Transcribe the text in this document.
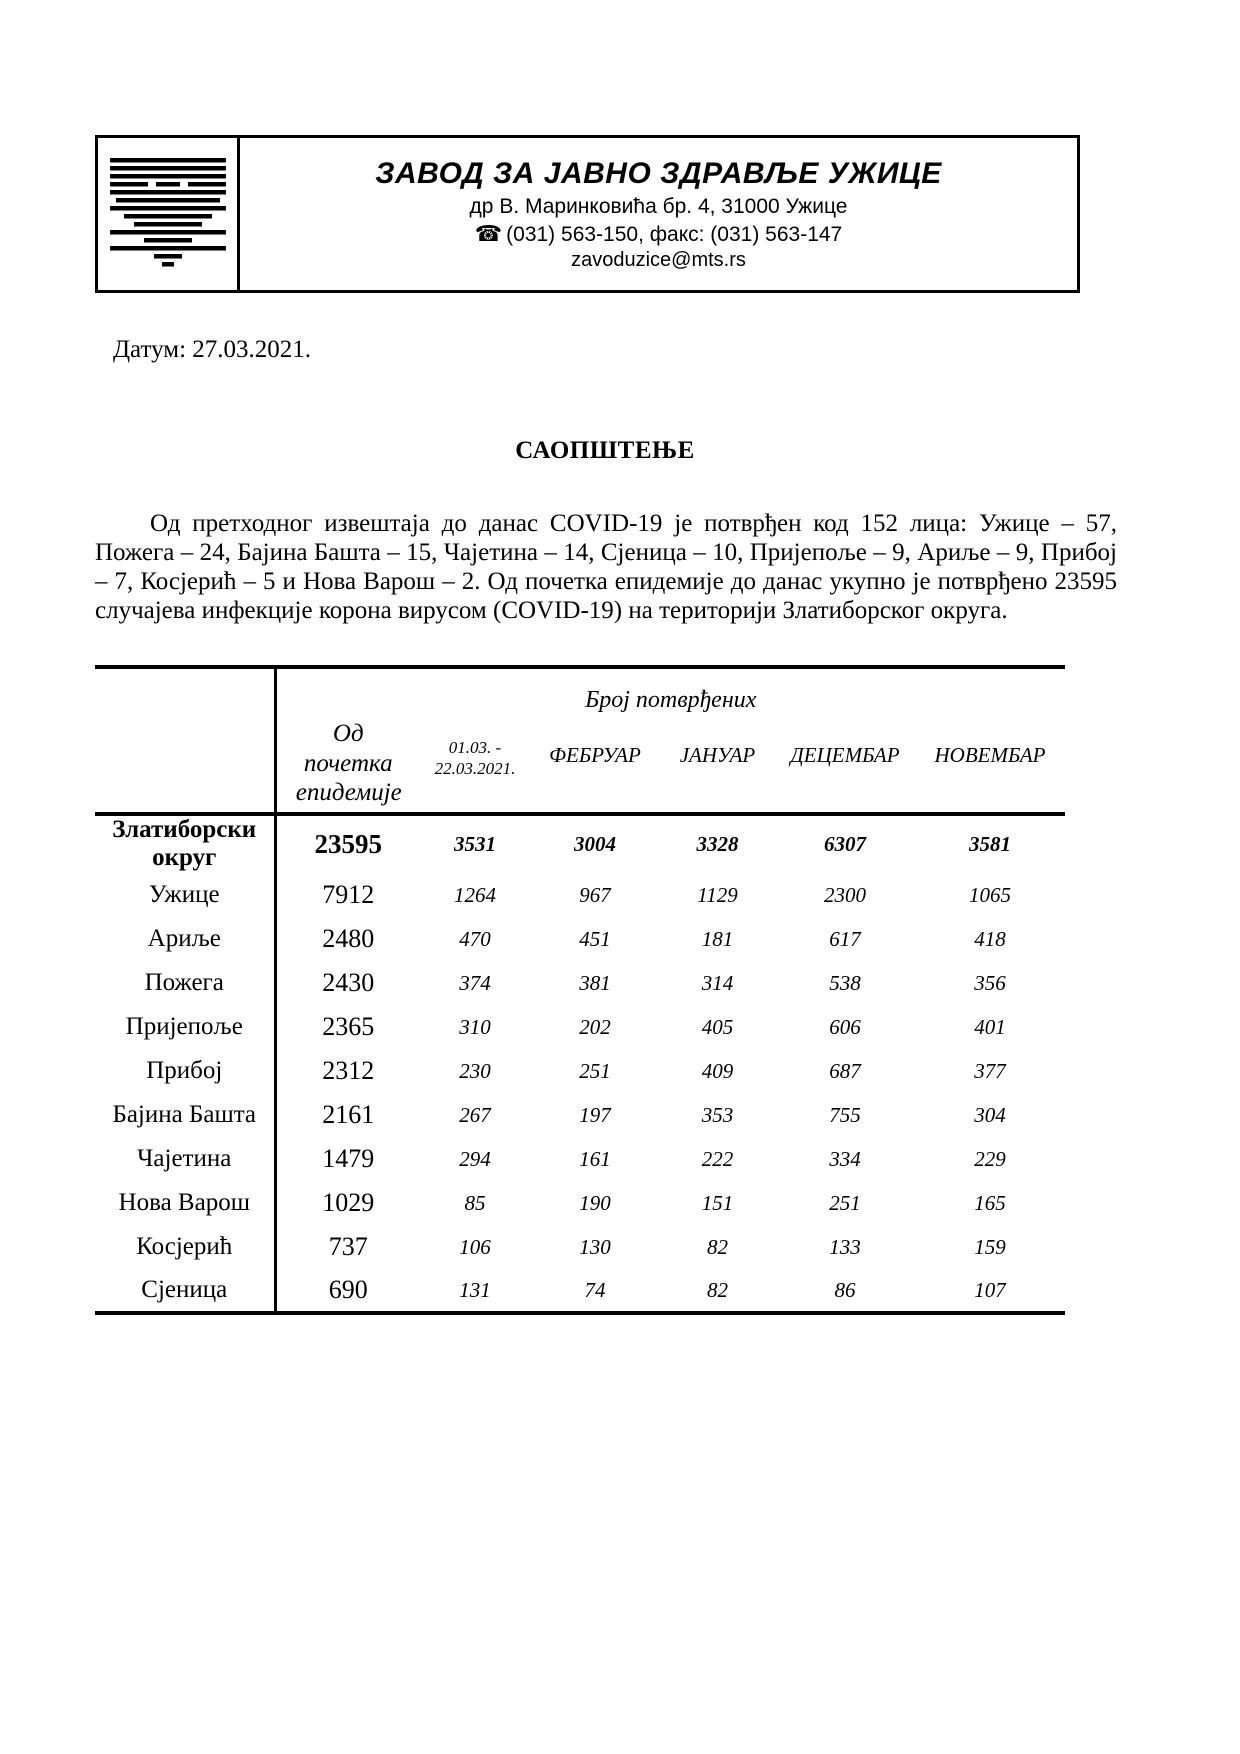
ЗАВОД ЗА ЈАВНО ЗДРАВЉЕ УЖИЦЕ
др В. Маринковића бр. 4, 31000 Ужице
☎ (031) 563-150, факс: (031) 563-147
zavoduzice@mts.rs
Датум: 27.03.2021.
САОПШТЕЊЕ

Од претходног извештаја до данас COVID-19 је потврђен код 152 лица: Ужице – 57, Пожега – 24, Бајина Башта – 15, Чајетина – 14, Сјеница – 10, Пријепоље – 9, Ариље – 9, Прибој – 7, Косјерић – 5 и Нова Варош – 2. Од почетка епидемије до данас укупно је потврђено 23595 случајева инфекције корона вирусом (COVID-19) на територији Златиборског округа.

	Број потврђених					
	Од почетка епидемије	01.03. - 22.03.2021.	ФЕБРУАР	ЈАНУАР	ДЕЦЕМБАР	НОВЕМБАР
Златиборски округ	23595	3531	3004	3328	6307	3581
Ужице	7912	1264	967	1129	2300	1065
Ариље	2480	470	451	181	617	418
Пожега	2430	374	381	314	538	356
Пријепоље	2365	310	202	405	606	401
Прибој	2312	230	251	409	687	377
Бајина Башта	2161	267	197	353	755	304
Чајетина	1479	294	161	222	334	229
Нова Варош	1029	85	190	151	251	165
Косјерић	737	106	130	82	133	159
Сјеница	690	131	74	82	86	107
